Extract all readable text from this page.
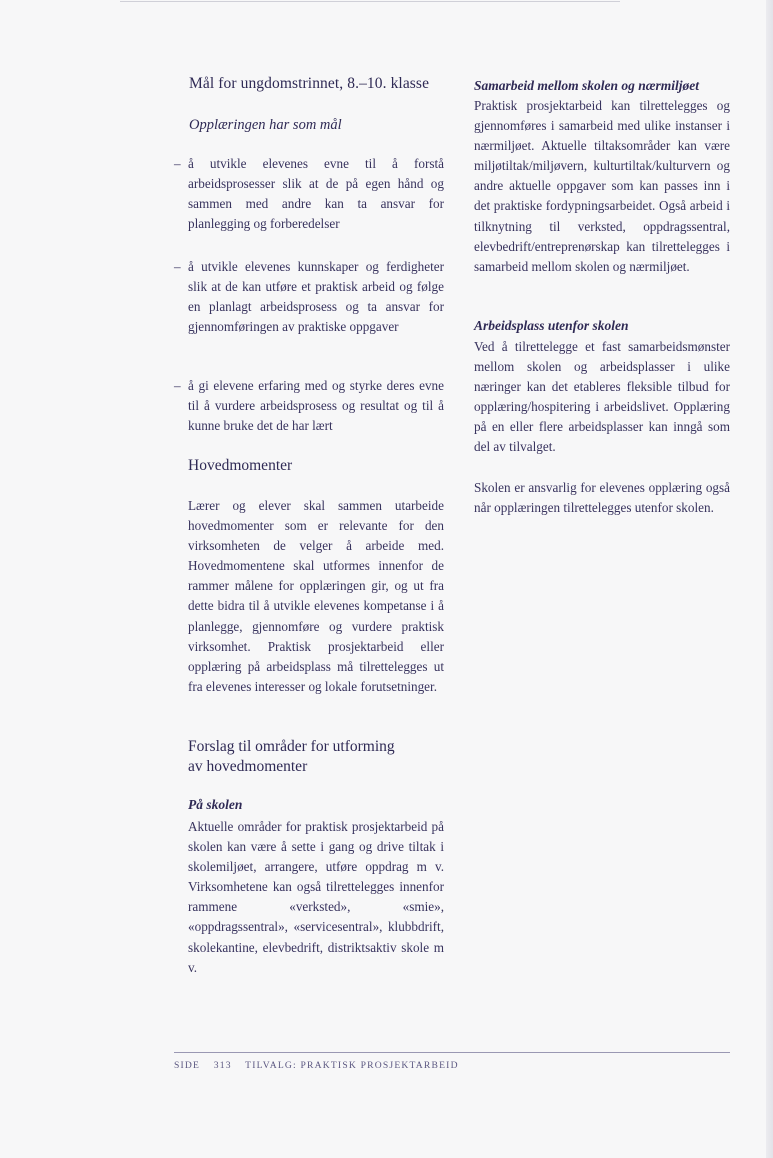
Mål for ungdomstrinnet, 8.–10. klasse
Opplæringen har som mål
– å utvikle elevenes evne til å forstå arbeidsprosesser slik at de på egen hånd og sammen med andre kan ta ansvar for planlegging og forberedelser
– å utvikle elevenes kunnskaper og ferdigheter slik at de kan utføre et praktisk arbeid og følge en planlagt arbeidsprosess og ta ansvar for gjennomføringen av praktiske oppgaver
– å gi elevene erfaring med og styrke deres evne til å vurdere arbeidsprosess og resultat og til å kunne bruke det de har lært
Hovedmomenter
Lærer og elever skal sammen utarbeide hovedmomenter som er relevante for den virksomheten de velger å arbeide med. Hovedmomentene skal utformes innenfor de rammer målene for opplæringen gir, og ut fra dette bidra til å utvikle elevenes kompetanse i å planlegge, gjennomføre og vurdere praktisk virksomhet. Praktisk prosjektarbeid eller opplæring på arbeidsplass må tilrettelegges ut fra elevenes interesser og lokale forutsetninger.
Forslag til områder for utforming
av hovedmomenter
På skolen
Aktuelle områder for praktisk prosjektarbeid på skolen kan være å sette i gang og drive tiltak i skolemiljøet, arrangere, utføre oppdrag m v. Virksomhetene kan også tilrettelegges innenfor rammene «verksted», «smie», «oppdragssentral», «servicesentral», klubbdrift, skolekantine, elevbedrift, distriktsaktiv skole m v.
Samarbeid mellom skolen og nærmiljøet
Praktisk prosjektarbeid kan tilrettelegges og gjennomføres i samarbeid med ulike instanser i nærmiljøet. Aktuelle tiltaksområder kan være miljøtiltak/miljøvern, kulturtiltak/kulturvern og andre aktuelle oppgaver som kan passes inn i det praktiske fordypningsarbeidet. Også arbeid i tilknytning til verksted, oppdragssentral, elevbedrift/entreprenørskap kan tilrettelegges i samarbeid mellom skolen og nærmiljøet.
Arbeidsplass utenfor skolen
Ved å tilrettelegge et fast samarbeidsmønster mellom skolen og arbeidsplasser i ulike næringer kan det etableres fleksible tilbud for opplæring/hospitering i arbeidslivet. Opplæring på en eller flere arbeidsplasser kan inngå som del av tilvalget.
Skolen er ansvarlig for elevenes opplæring også når opplæringen tilrettelegges utenfor skolen.
SIDE 313 TILVALG: PRAKTISK PROSJEKTARBEID
